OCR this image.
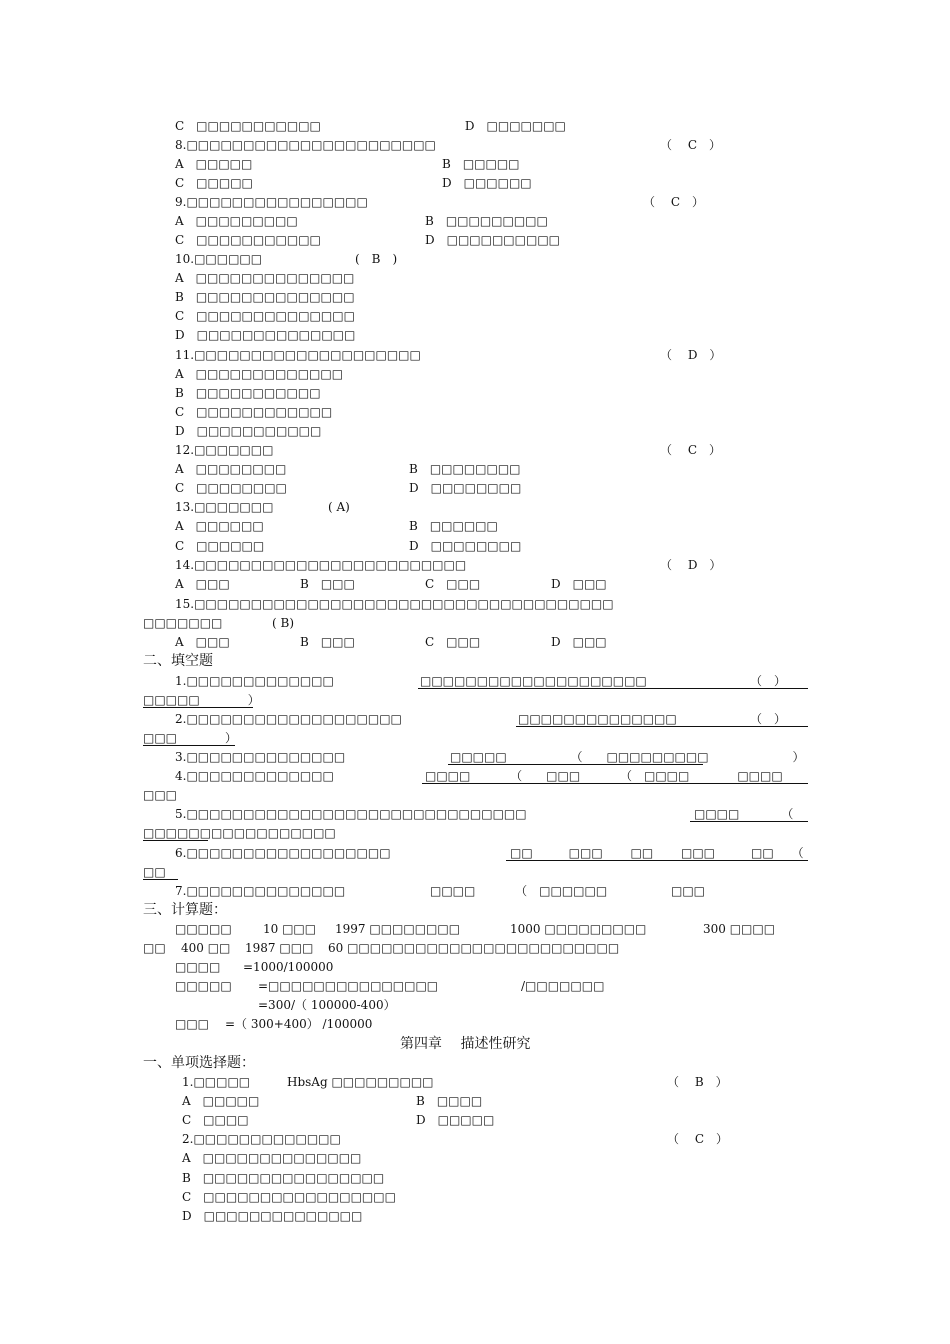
C　□□□□□□□□□□□　　　　　　　　　　　　D　□□□□□□□
8.□□□□□□□□□□□□□□□□□□□□□□	（　 C　）
A　□□□□□	B　□□□□□
C　□□□□□	D　□□□□□□
9.□□□□□□□□□□□□□□□□	（　 C　）
A　□□□□□□□□□	B　□□□□□□□□□
C　□□□□□□□□□□□	D　□□□□□□□□□□
10.□□□□□□	(　B　)
A　□□□□□□□□□□□□□□
B　□□□□□□□□□□□□□□
C　□□□□□□□□□□□□□□
D　□□□□□□□□□□□□□□
11.□□□□□□□□□□□□□□□□□□□□	（　 D　）
A　□□□□□□□□□□□□□
B　□□□□□□□□□□□
C　□□□□□□□□□□□□
D　□□□□□□□□□□□
12.□□□□□□□	（　 C　）
A　□□□□□□□□	B　□□□□□□□□
C　□□□□□□□□	D　□□□□□□□□
13.□□□□□□□	( A)
A　□□□□□□	B　□□□□□□
C　□□□□□□	D　□□□□□□□□
14.□□□□□□□□□□□□□□□□□□□□□□□□	（　 D　）
A　□□□	B　□□□	C　□□□	D　□□□
15.□□□□□□□□□□□□□□□□□□□□□□□□□□□□□□□□□□□□□
□□□□□□□	( B)
A　□□□	B　□□□	C　□□□	D　□□□
二、填空题
1.□□□□□□□□□□□□□	□□□□□□□□□□□□□□□□□□□□	（　）
□□□□□　　　　）
2.□□□□□□□□□□□□□□□□□□□	□□□□□□□□□□□□□□	（　）
□□□　　　　）
3.□□□□□□□□□□□□□□	□□□□□　　　　　 （　　□□□□□□□□□　　　　　　　）
4.□□□□□□□□□□□□□	□□□□　　　 （　　□□□　　　 （　□□□□　　　　□□□□
□□□
5.□□□□□□□□□□□□□□□□□□□□□□□□□□□□□□	□□□□　　　　（
□□□□□□□□□□□□□□□□□
6.□□□□□□□□□□□□□□□□□□	□□　　　□□□　　 □□　　 □□□　　　□□　　（
□□
7.□□□□□□□□□□□□□□	□□□□　　　 （　□□□□□□　　　　　 □□□
三、计算题：
□□□□□	10 □□□ 1997 □□□□□□□□	1000 □□□□□□□□□	300 □□□□
□□ 400 □□ 1987 □□□ 60 □□□□□□□□□□□□□□□□□□□□□□□□
□□□□ =1000/100000
□□□□□ =□□□□□□□□□□□□□□□	/□□□□□□□
=300/（ 100000-400）
□□□ =（ 300+400） /100000
第四章　 描述性研究
一、单项选择题：
1.□□□□□	HbsAg □□□□□□□□□	（　 B　）
A　□□□□□	B　□□□□
C　□□□□	D　□□□□□
2.□□□□□□□□□□□□□	（　 C　）
A　□□□□□□□□□□□□□□
B　□□□□□□□□□□□□□□□□
C　□□□□□□□□□□□□□□□□□
D　□□□□□□□□□□□□□□
